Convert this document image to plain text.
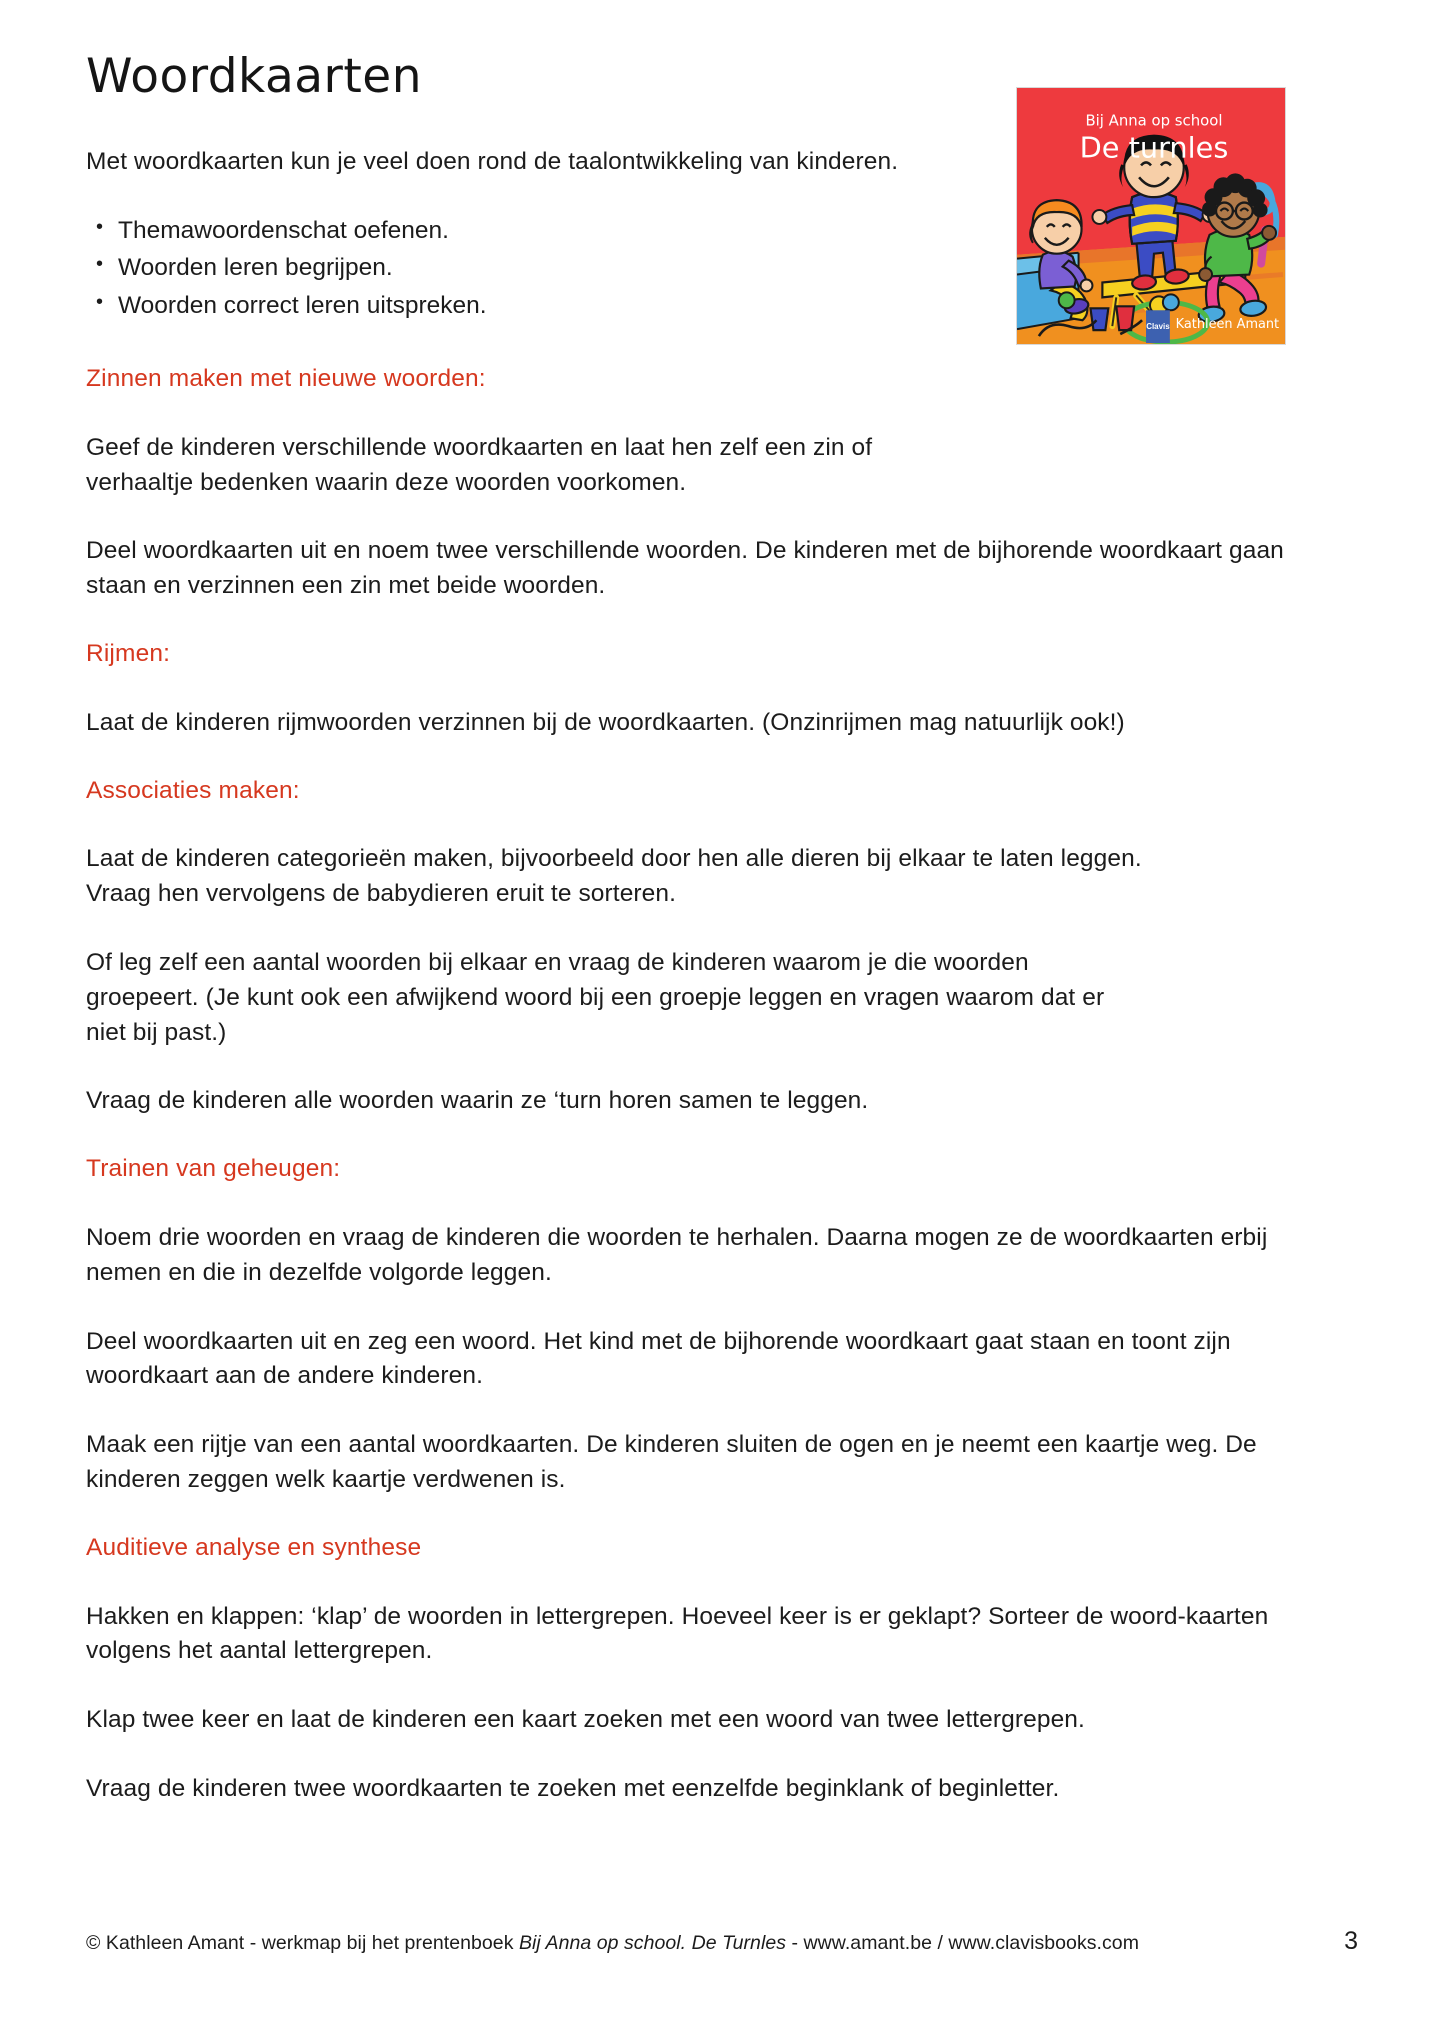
Clavis Kathleen Amant
Bij Anna op school
De turnles
Woordkaarten

Met woordkaarten kun je veel doen rond de taalontwikkeling van kinderen.

• Themawoordenschat oefenen.
• Woorden leren begrijpen.
• Woorden correct leren uitspreken.
Zinnen maken met nieuwe woorden:

Geef de kinderen verschillende woordkaarten en laat hen zelf een zin of verhaaltje bedenken waarin deze woorden voorkomen.

Deel woordkaarten uit en noem twee verschillende woorden. De kinderen met de bijhorende woordkaart gaan staan en verzinnen een zin met beide woorden.

Rijmen:

Laat de kinderen rijmwoorden verzinnen bij de woordkaarten. (Onzinrijmen mag natuurlijk ook!)

Associaties maken:

Laat de kinderen categorieën maken, bijvoorbeeld door hen alle dieren bij elkaar te laten leggen. Vraag hen vervolgens de babydieren eruit te sorteren.

Of leg zelf een aantal woorden bij elkaar en vraag de kinderen waarom je die woorden groepeert. (Je kunt ook een afwijkend woord bij een groepje leggen en vragen waarom dat er niet bij past.)

Vraag de kinderen alle woorden waarin ze ‘turn horen samen te leggen.

Trainen van geheugen:

Noem drie woorden en vraag de kinderen die woorden te herhalen. Daarna mogen ze de woordkaarten erbij nemen en die in dezelfde volgorde leggen.

Deel woordkaarten uit en zeg een woord. Het kind met de bijhorende woordkaart gaat staan en toont zijn woordkaart aan de andere kinderen.

Maak een rijtje van een aantal woordkaarten. De kinderen sluiten de ogen en je neemt een kaartje weg. De kinderen zeggen welk kaartje verdwenen is.

Auditieve analyse en synthese

Hakken en klappen: ‘klap’ de woorden in lettergrepen. Hoeveel keer is er geklapt? Sorteer de woord-kaarten volgens het aantal lettergrepen.

Klap twee keer en laat de kinderen een kaart zoeken met een woord van twee lettergrepen.

Vraag de kinderen twee woordkaarten te zoeken met eenzelfde beginklank of beginletter.

© Kathleen Amant - werkmap bij het prentenboek Bij Anna op school. De Turnles - www.amant.be / www.clavisbooks.com	3
